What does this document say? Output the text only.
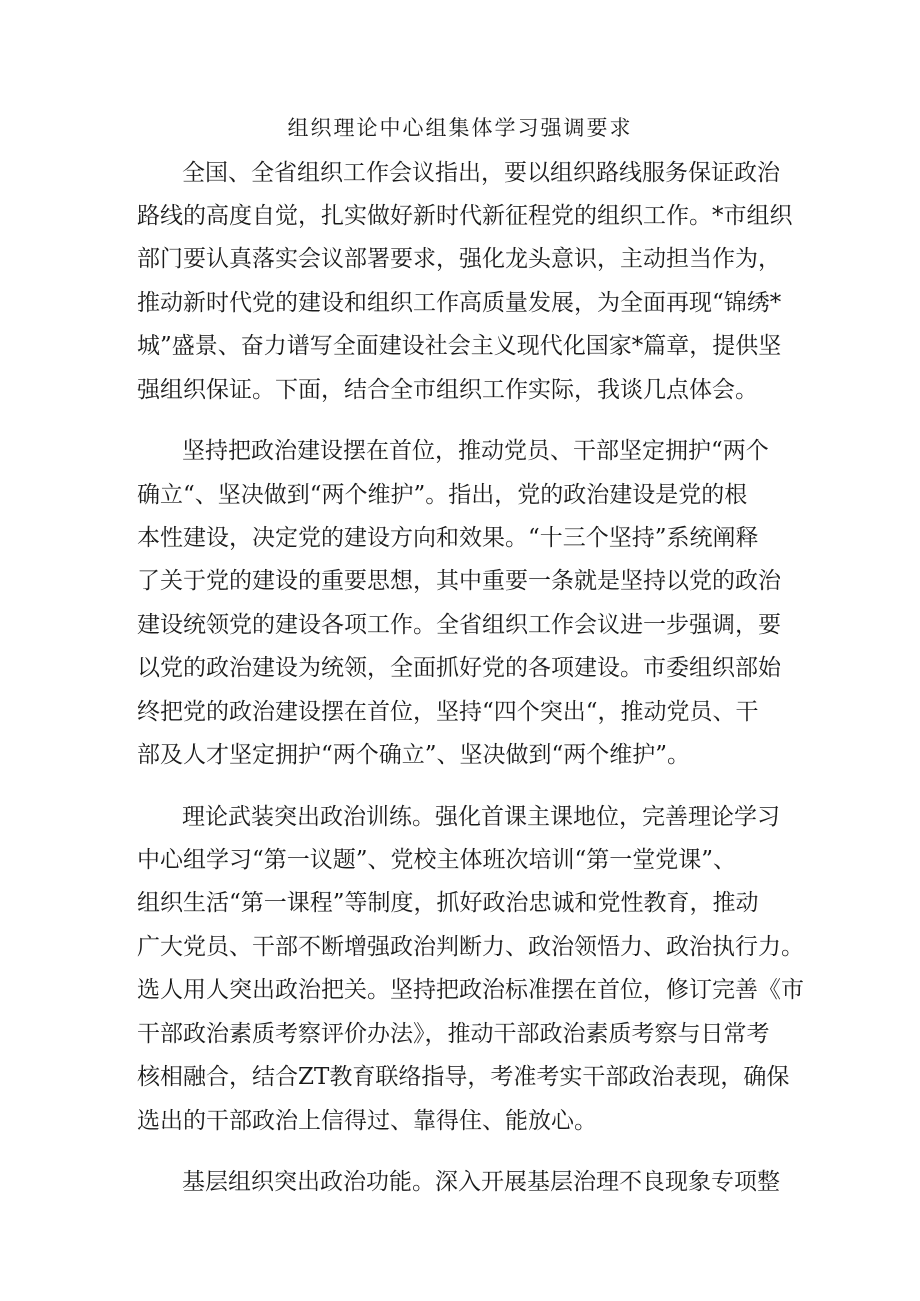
组织理论中心组集体学习强调要求
全国、全省组织工作会议指出，要以组织路线服务保证政治
路线的高度自觉，扎实做好新时代新征程党的组织工作。*市组织
部门要认真落实会议部署要求，强化龙头意识，主动担当作为，
推动新时代党的建设和组织工作高质量发展，为全面再现“锦绣*
城”盛景、奋力谱写全面建设社会主义现代化国家*篇章，提供坚
强组织保证。下面，结合全市组织工作实际，我谈几点体会。
坚持把政治建设摆在首位，推动党员、干部坚定拥护“两个
确立“、坚决做到“两个维护”。指出，党的政治建设是党的根
本性建设，决定党的建设方向和效果。“十三个坚持”系统阐释
了关于党的建设的重要思想，其中重要一条就是坚持以党的政治
建设统领党的建设各项工作。全省组织工作会议进一步强调，要
以党的政治建设为统领，全面抓好党的各项建设。市委组织部始
终把党的政治建设摆在首位，坚持“四个突出“，推动党员、干
部及人才坚定拥护“两个确立”、坚决做到“两个维护”。
理论武装突出政治训练。强化首课主课地位，完善理论学习
中心组学习“第一议题”、党校主体班次培训“第一堂党课”、
组织生活“第一课程”等制度，抓好政治忠诚和党性教育，推动
广大党员、干部不断增强政治判断力、政治领悟力、政治执行力。
选人用人突出政治把关。坚持把政治标准摆在首位，修订完善《市
干部政治素质考察评价办法》，推动干部政治素质考察与日常考
核相融合，结合ZT教育联络指导，考准考实干部政治表现，确保
选出的干部政治上信得过、靠得住、能放心。
基层组织突出政治功能。深入开展基层治理不良现象专项整
